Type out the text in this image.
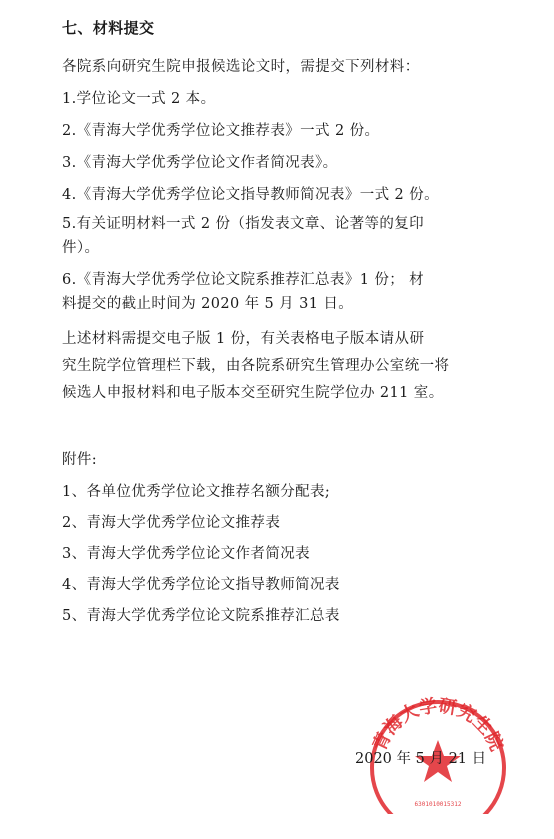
七、材料提交
各院系向研究生院申报候选论文时，需提交下列材料：
1.学位论文一式 2 本。
2.《青海大学优秀学位论文推荐表》一式 2 份。
3.《青海大学优秀学位论文作者简况表》。
4.《青海大学优秀学位论文指导教师简况表》一式 2 份。
5.有关证明材料一式 2 份（指发表文章、论著等的复印
件）。
6.《青海大学优秀学位论文院系推荐汇总表》1 份； 材
料提交的截止时间为 2020 年 5 月 31 日。
上述材料需提交电子版 1 份，有关表格电子版本请从研
究生院学位管理栏下载，由各院系研究生管理办公室统一将
候选人申报材料和电子版本交至研究生院学位办 211 室。
附件:
1、各单位优秀学位论文推荐名额分配表;
2、青海大学优秀学位论文推荐表
3、青海大学优秀学位论文作者简况表
4、青海大学优秀学位论文指导教师简况表
5、青海大学优秀学位论文院系推荐汇总表
青海大学研究生院
6301010015312
2020 年 5 月 21 日
